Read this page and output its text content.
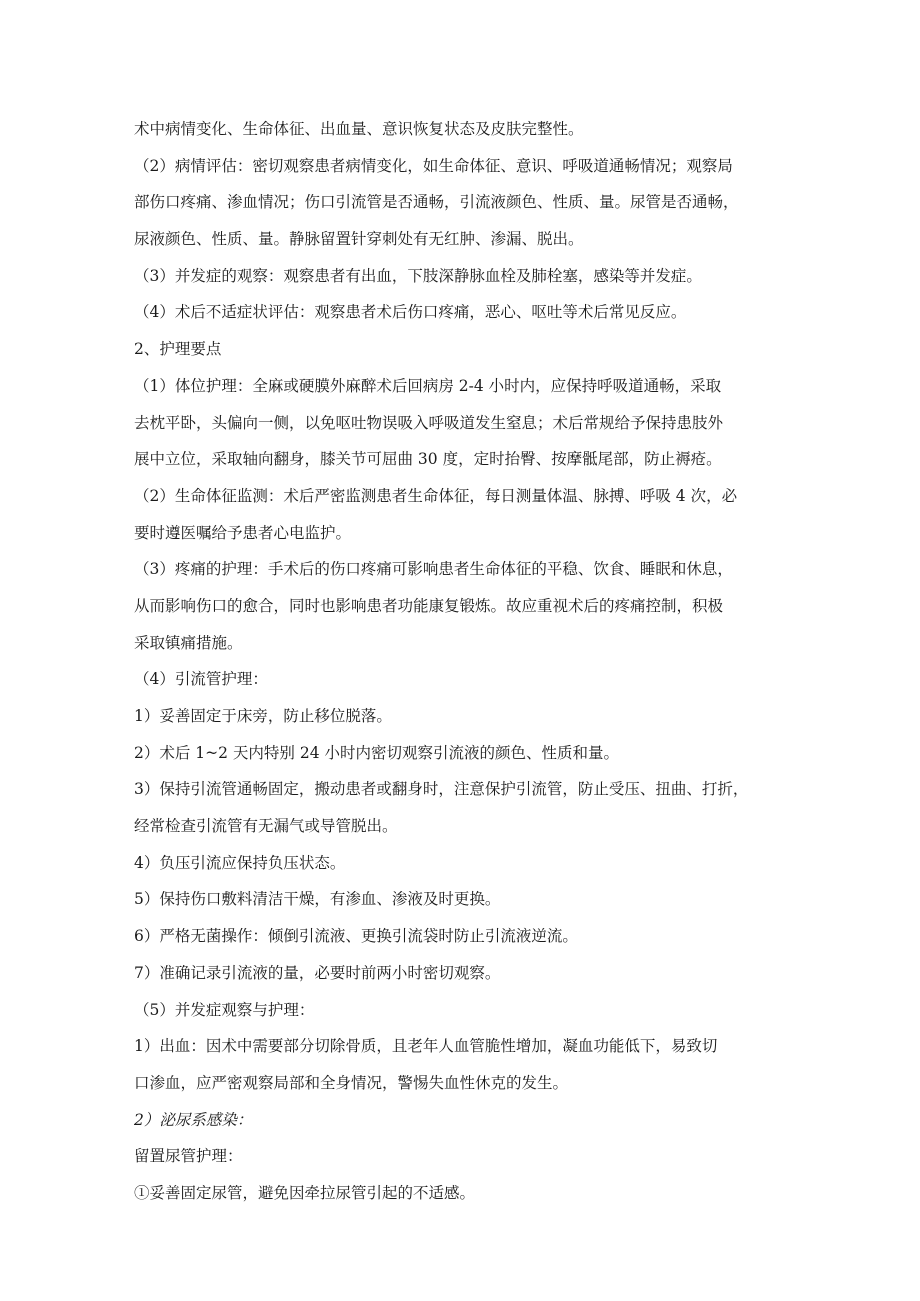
术中病情变化、生命体征、出血量、意识恢复状态及皮肤完整性。
（2）病情评估：密切观察患者病情变化，如生命体征、意识、呼吸道通畅情况；观察局
部伤口疼痛、渗血情况；伤口引流管是否通畅，引流液颜色、性质、量。尿管是否通畅，
尿液颜色、性质、量。静脉留置针穿刺处有无红肿、渗漏、脱出。
（3）并发症的观察：观察患者有出血，下肢深静脉血栓及肺栓塞，感染等并发症。
（4）术后不适症状评估：观察患者术后伤口疼痛，恶心、呕吐等术后常见反应。
2、护理要点
（1）体位护理：全麻或硬膜外麻醉术后回病房 2-4 小时内，应保持呼吸道通畅，采取
去枕平卧，头偏向一侧，以免呕吐物误吸入呼吸道发生窒息；术后常规给予保持患肢外
展中立位，采取轴向翻身，膝关节可屈曲 30 度，定时抬臀、按摩骶尾部，防止褥疮。
（2）生命体征监测：术后严密监测患者生命体征，每日测量体温、脉搏、呼吸 4 次，必
要时遵医嘱给予患者心电监护。
（3）疼痛的护理：手术后的伤口疼痛可影响患者生命体征的平稳、饮食、睡眠和休息，
从而影响伤口的愈合，同时也影响患者功能康复锻炼。故应重视术后的疼痛控制，积极
采取镇痛措施。
（4）引流管护理：
1）妥善固定于床旁，防止移位脱落。
2）术后 1~2 天内特别 24 小时内密切观察引流液的颜色、性质和量。
3）保持引流管通畅固定，搬动患者或翻身时，注意保护引流管，防止受压、扭曲、打折，
经常检查引流管有无漏气或导管脱出。
4）负压引流应保持负压状态。
5）保持伤口敷料清洁干燥，有渗血、渗液及时更换。
6）严格无菌操作：倾倒引流液、更换引流袋时防止引流液逆流。
7）准确记录引流液的量，必要时前两小时密切观察。
（5）并发症观察与护理：
1）出血：因术中需要部分切除骨质，且老年人血管脆性增加，凝血功能低下，易致切
口渗血，应严密观察局部和全身情况，警惕失血性休克的发生。
2）泌尿系感染：
留置尿管护理：
①妥善固定尿管，避免因牵拉尿管引起的不适感。
